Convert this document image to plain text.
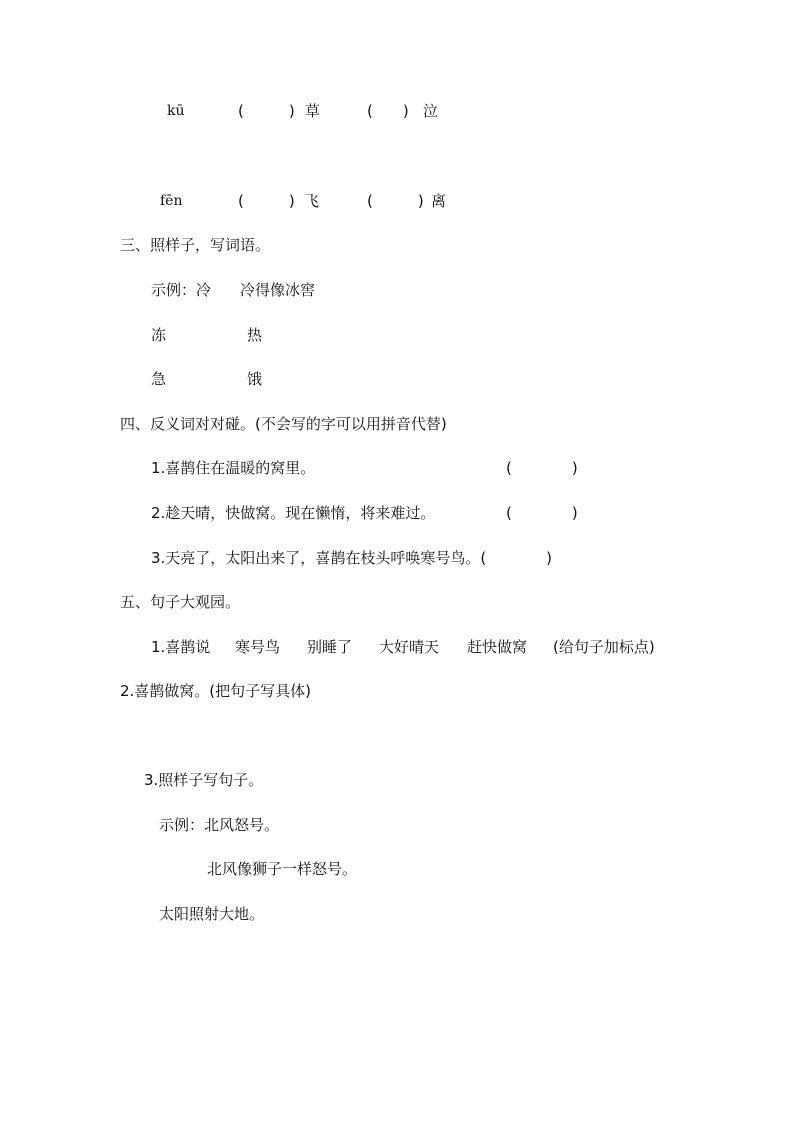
kū	(   ) 草	(  ) 泣
fēn	(   ) 飞	(   ) 离
三、照样子，写词语。
示例：冷 冷得像冰窖
冻	热
急	饿
四、反义词对对碰。(不会写的字可以用拼音代替)
1.喜鹊住在温暖的窝里。	(    )
2.趁天晴，快做窝。现在懒惰，将来难过。	(    )
3.天亮了，太阳出来了，喜鹊在枝头呼唤寒号鸟。(    )
五、句子大观园。
1.喜鹊说 寒号鸟 别睡了 大好晴天 赶快做窝 (给句子加标点)
2.喜鹊做窝。(把句子写具体)
3.照样子写句子。
示例：北风怒号。
北风像狮子一样怒号。
太阳照射大地。
